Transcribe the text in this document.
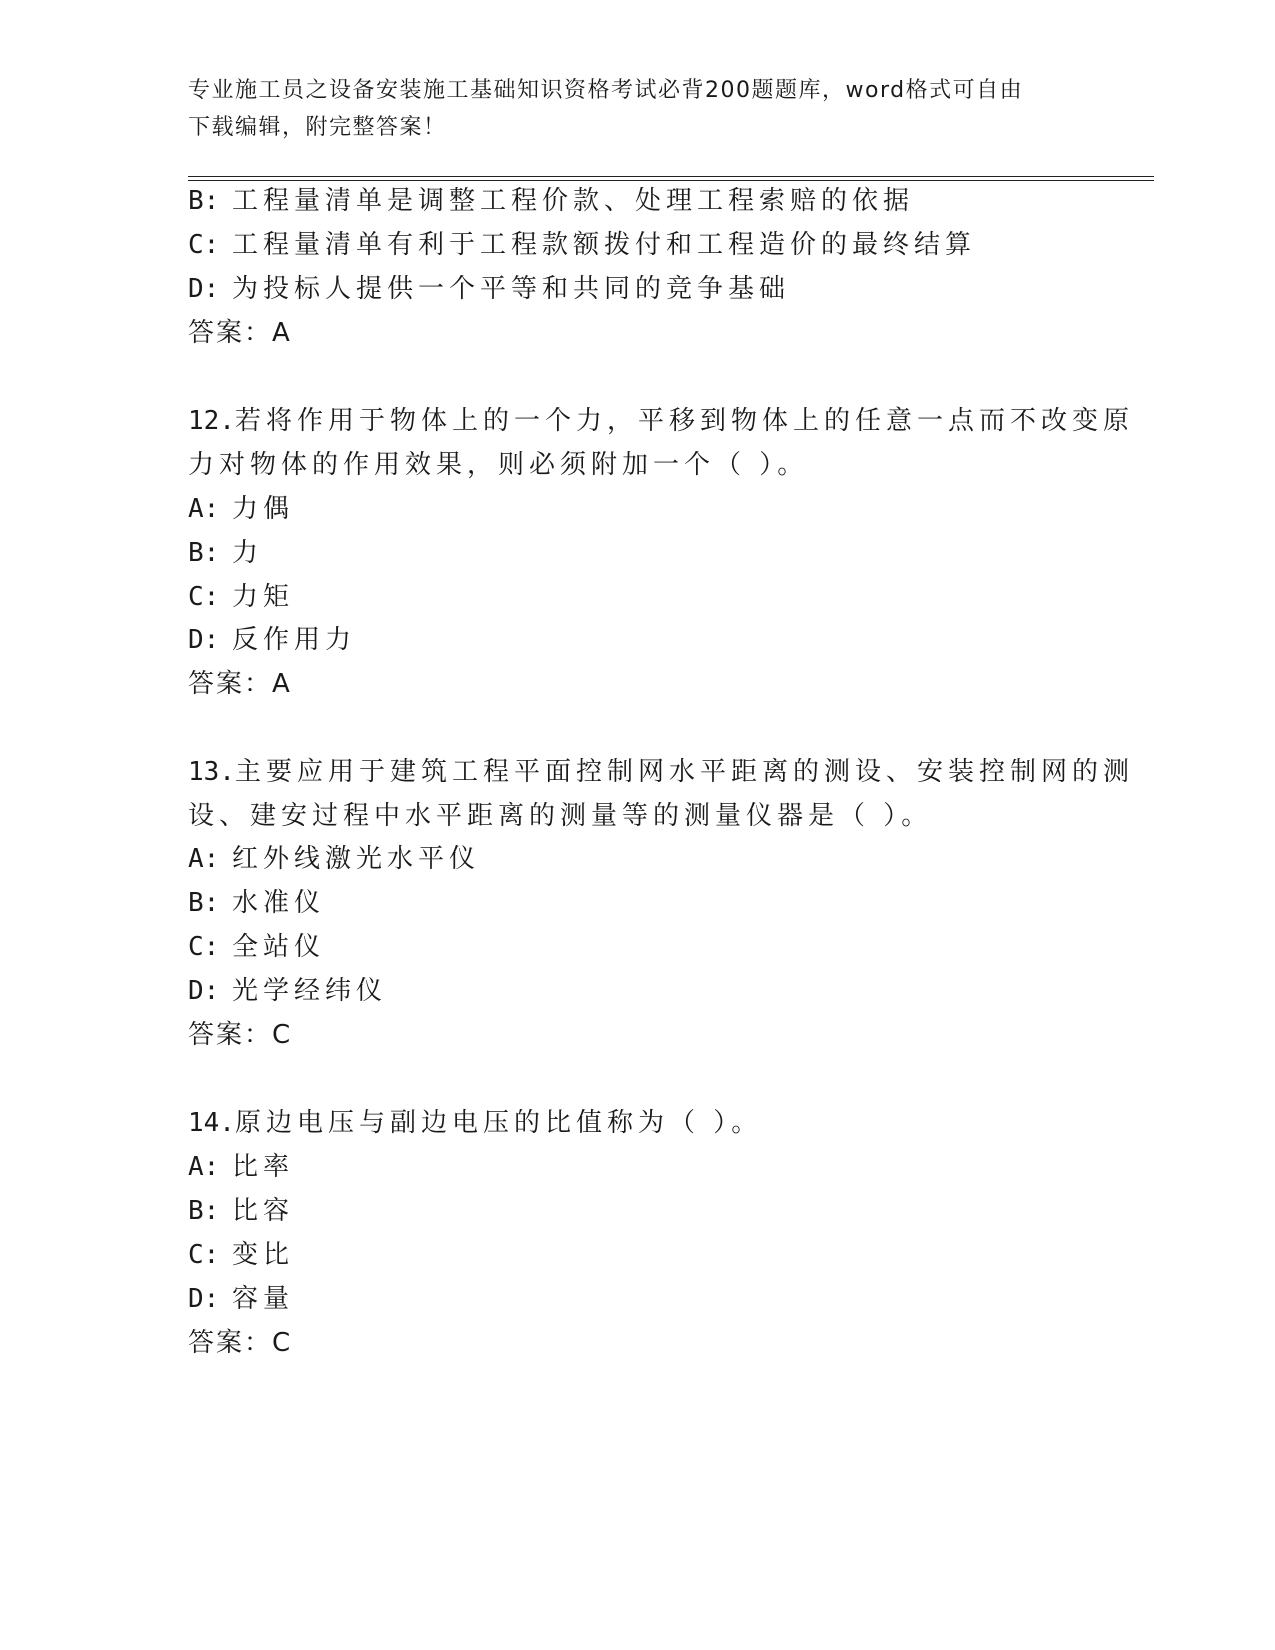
专业施工员之设备安装施工基础知识资格考试必背200题题库，word格式可自由
下载编辑，附完整答案！
B: 工程量清单是调整工程价款、处理工程索赔的依据
C: 工程量清单有利于工程款额拨付和工程造价的最终结算
D: 为投标人提供一个平等和共同的竞争基础
答案：A
12.若将作用于物体上的一个力，平移到物体上的任意一点而不改变原
力对物体的作用效果，则必须附加一个（ ）。
A: 力偶
B: 力
C: 力矩
D: 反作用力
答案：A
13.主要应用于建筑工程平面控制网水平距离的测设、安装控制网的测
设、建安过程中水平距离的测量等的测量仪器是（ ）。
A: 红外线激光水平仪
B: 水准仪
C: 全站仪
D: 光学经纬仪
答案：C
14.原边电压与副边电压的比值称为（ ）。
A: 比率
B: 比容
C: 变比
D: 容量
答案：C
